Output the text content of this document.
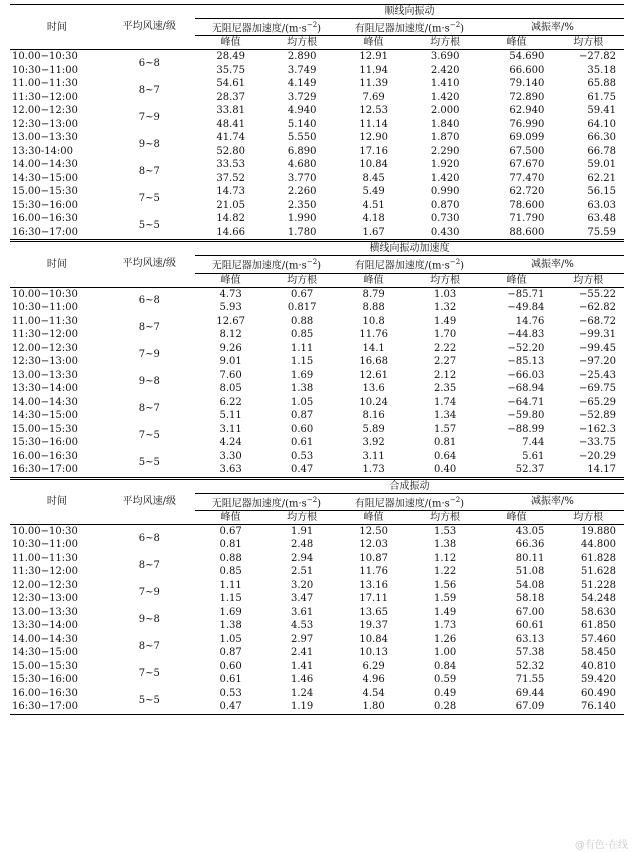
时间	平均风速/级	顺线向振动					
		无阻尼器加速度$/(m\cdot s^{-2})$		有阻尼器加速度$/(m\cdot s^{-2})$		减振率/%	
		峰值	均方根	峰值	均方根	峰值	均方根
10.00−10:30	6~8	28.49	2.890	12.91	3.690	54.690	−27.82
10:30−11:00		35.75	3.749	11.94	2.420	66.600	35.18
11.00−11:30	8~7	54.61	4.149	11.39	1.410	79.140	65.88
11:30−12:00		28.37	3.729	7.69	1.420	72.890	61.75
12.00−12:30	7~9	33.81	4.940	12.53	2.000	62.940	59.41
12:30−13:00		48.41	5.140	11.14	1.840	76.990	64.10
13.00−13:30	9~8	41.74	5.550	12.90	1.870	69.099	66.30
13:30-14:00		52.80	6.890	17.16	2.290	67.500	66.78
14.00−14:30	8~7	33.53	4.680	10.84	1.920	67.670	59.01
14:30−15:00		37.52	3.770	8.45	1.420	77.470	62.21
15.00−15:30	7~5	14.73	2.260	5.49	0.990	62.720	56.15
15:30−16:00		21.05	2.350	4.51	0.870	78.600	63.03
16.00−16:30	5~5	14.82	1.990	4.18	0.730	71.790	63.48
16:30−17:00		14.66	1.780	1.67	0.430	88.600	75.59
时间	平均风速/级	横线向振动加速度					
		无阻尼器加速度$/(m\cdot s^{-2})$		有阻尼器加速度$/(m\cdot s^{-2})$		减振率/%	
		峰值	均方根	峰值	均方根	峰值	均方根
10.00−10:30	6~8	4.73	0.67	8.79	1.03	−85.71	−55.22
10:30−11:00		5.93	0.817	8.88	1.32	−49.84	−62.82
11.00−11:30	8~7	12.67	0.88	10.8	1.49	14.76	−68.72
11:30−12:00		8.12	0.85	11.76	1.70	−44.83	−99.31
12.00−12:30	7~9	9.26	1.11	14.1	2.22	−52.20	−99.45
12:30−13:00		9.01	1.15	16.68	2.27	−85.13	−97.20
13.00−13:30	9~8	7.60	1.69	12.61	2.12	−66.03	−25.43
13:30−14:00		8.05	1.38	13.6	2.35	−68.94	−69.75
14.00−14:30	8~7	6.22	1.05	10.24	1.74	−64.71	−65.29
14:30−15:00		5.11	0.87	8.16	1.34	−59.80	−52.89
15.00−15:30	7~5	3.11	0.60	5.89	1.57	−88.99	−162.3
15:30−16:00		4.24	0.61	3.92	0.81	7.44	−33.75
16.00−16:30	5~5	3.30	0.53	3.11	0.64	5.61	−20.29
16:30−17:00		3.63	0.47	1.73	0.40	52.37	14.17
时间	平均风速/级	合成振动					
		无阻尼器加速度$/(m\cdot s^{-2})$		有阻尼器加速度$/(m\cdot s^{-2})$		减振率/%	
		峰值	均方根	峰值	均方根	峰值	均方根
10.00−10:30	6~8	0.67	1.91	12.50	1.53	43.05	19.880
10:30−11:00		0.81	2.48	12.03	1.38	66.36	44.800
11.00−11:30	8~7	0.88	2.94	10.87	1.12	80.11	61.828
11:30−12:00		0.85	2.51	11.76	1.22	51.08	51.628
12.00−12:30	7~9	1.11	3.20	13.16	1.56	54.08	51.228
12:30−13:00		1.15	3.47	17.11	1.59	58.18	54.248
13.00−13:30	9~8	1.69	3.61	13.65	1.49	67.00	58.630
13:30−14:00		1.38	4.53	19.37	1.73	60.61	61.850
14.00−14:30	8~7	1.05	2.97	10.84	1.26	63.13	57.460
14:30−15:00		0.87	2.41	10.13	1.00	57.38	58.450
15.00−15:30	7~5	0.60	1.41	6.29	0.84	52.32	40.810
15:30−16:00		0.61	1.46	4.96	0.59	71.55	59.420
16.00−16:30	5~5	0.53	1.24	4.54	0.49	69.44	60.490
16:30−17:00		0.47	1.19	1.80	0.28	67.09	76.140
@有色·在线
